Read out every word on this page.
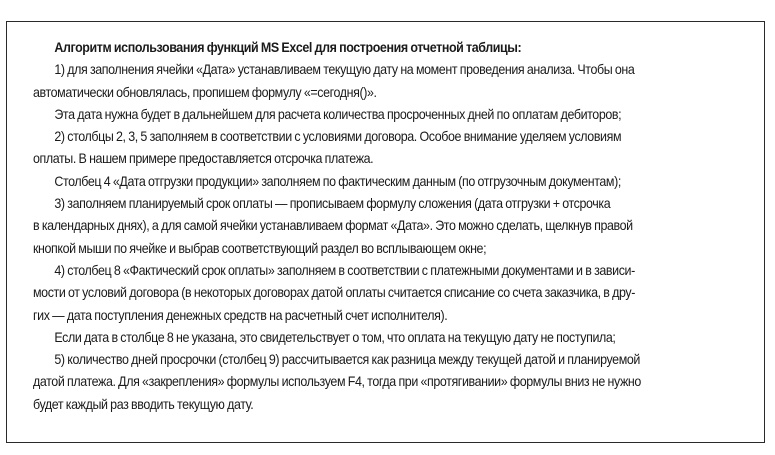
Алгоритм использования функций MS Excel для построения отчетной таблицы:
1) для заполнения ячейки «Дата» устанавливаем текущую дату на момент проведения анализа. Чтобы она
автоматически обновлялась, пропишем формулу «=сегодня()».
Эта дата нужна будет в дальнейшем для расчета количества просроченных дней по оплатам дебиторов;
2) столбцы 2, 3, 5 заполняем в соответствии с условиями договора. Особое внимание уделяем условиям
оплаты. В нашем примере предоставляется отсрочка платежа.
Столбец 4 «Дата отгрузки продукции» заполняем по фактическим данным (по отгрузочным документам);
3) заполняем планируемый срок оплаты — прописываем формулу сложения (дата отгрузки + отсрочка
в календарных днях), а для самой ячейки устанавливаем формат «Дата». Это можно сделать, щелкнув правой
кнопкой мыши по ячейке и выбрав соответствующий раздел во всплывающем окне;
4) столбец 8 «Фактический срок оплаты» заполняем в соответствии с платежными документами и в зависи-
мости от условий договора (в некоторых договорах датой оплаты считается списание со счета заказчика, в дру-
гих — дата поступления денежных средств на расчетный счет исполнителя).
Если дата в столбце 8 не указана, это свидетельствует о том, что оплата на текущую дату не поступила;
5) количество дней просрочки (столбец 9) рассчитывается как разница между текущей датой и планируемой
датой платежа. Для «закрепления» формулы используем F4, тогда при «протягивании» формулы вниз не нужно
будет каждый раз вводить текущую дату.
